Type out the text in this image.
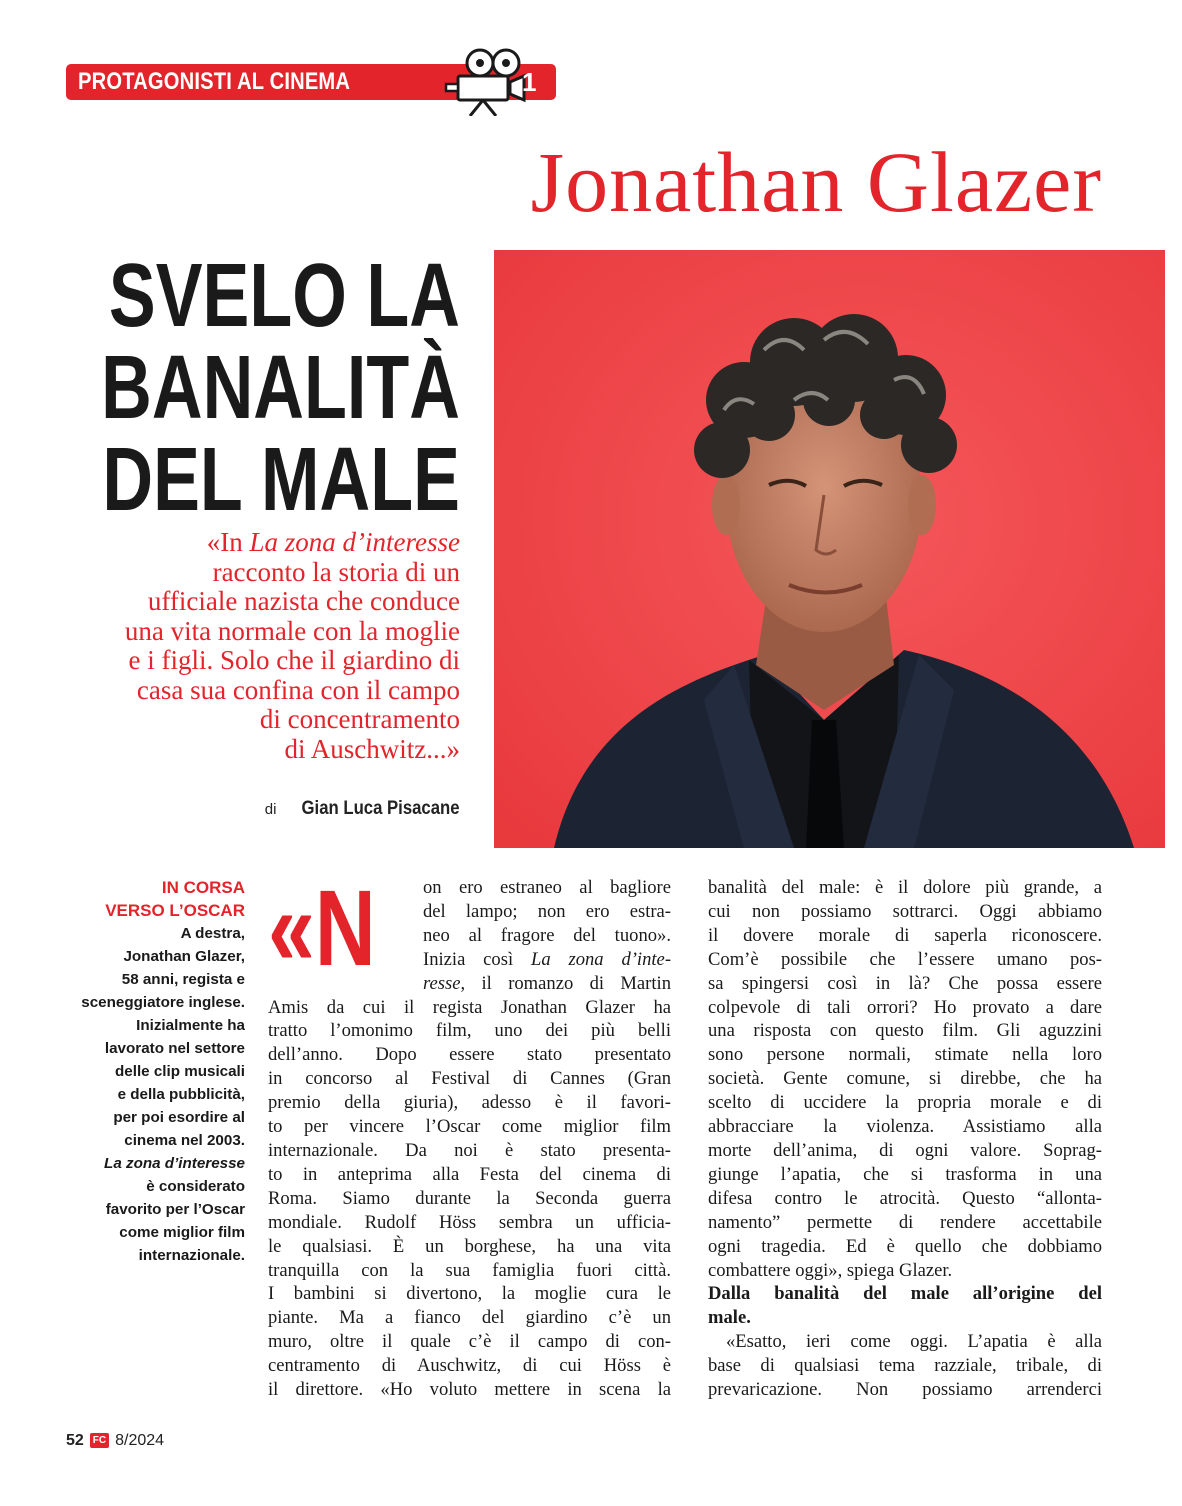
PROTAGONISTI AL CINEMA	1
Jonathan Glazer
SVELO LA
BANALITÀ
DEL MALE
«In La zona d’interesse
racconto la storia di un
ufficiale nazista che conduce
una vita normale con la moglie
e i figli. Solo che il giardino di
casa sua confina con il campo
di concentramento
di Auschwitz...»
di Gian Luca Pisacane
IN CORSA
VERSO L’OSCAR
A destra,
Jonathan Glazer,
58 anni, regista e
sceneggiatore inglese.
Inizialmente ha
lavorato nel settore
delle clip musicali
e della pubblicità,
per poi esordire al
cinema nel 2003.
La zona d’interesse
è considerato
favorito per l’Oscar
come miglior film
internazionale.
«N	on ero estraneo al bagliore
del lampo; non ero estra-
neo al fragore del tuono».
Inizia così La zona d’inte-
resse, il romanzo di Martin
Amis da cui il regista Jonathan Glazer ha
tratto l’omonimo film, uno dei più belli
dell’anno. Dopo essere stato presentato
in concorso al Festival di Cannes (Gran
premio della giuria), adesso è il favori-
to per vincere l’Oscar come miglior film
internazionale. Da noi è stato presenta-
to in anteprima alla Festa del cinema di
Roma. Siamo durante la Seconda guerra
mondiale. Rudolf Höss sembra un ufficia-
le qualsiasi. È un borghese, ha una vita
tranquilla con la sua famiglia fuori città.
I bambini si divertono, la moglie cura le
piante. Ma a fianco del giardino c’è un
muro, oltre il quale c’è il campo di con-
centramento di Auschwitz, di cui Höss è
il direttore. «Ho voluto mettere in scena la
banalità del male: è il dolore più grande, a
cui non possiamo sottrarci. Oggi abbiamo
il dovere morale di saperla riconoscere.
Com’è possibile che l’essere umano pos-
sa spingersi così in là? Che possa essere
colpevole di tali orrori? Ho provato a dare
una risposta con questo film. Gli aguzzini
sono persone normali, stimate nella loro
società. Gente comune, si direbbe, che ha
scelto di uccidere la propria morale e di
abbracciare la violenza. Assistiamo alla
morte dell’anima, di ogni valore. Soprag-
giunge l’apatia, che si trasforma in una
difesa contro le atrocità. Questo “allonta-
namento” permette di rendere accettabile
ogni tragedia. Ed è quello che dobbiamo
combattere oggi», spiega Glazer.
Dalla banalità del male all’origine del
male.
«Esatto, ieri come oggi. L’apatia è alla
base di qualsiasi tema razziale, tribale, di
prevaricazione. Non possiamo arrenderci
52 FC 8/2024
